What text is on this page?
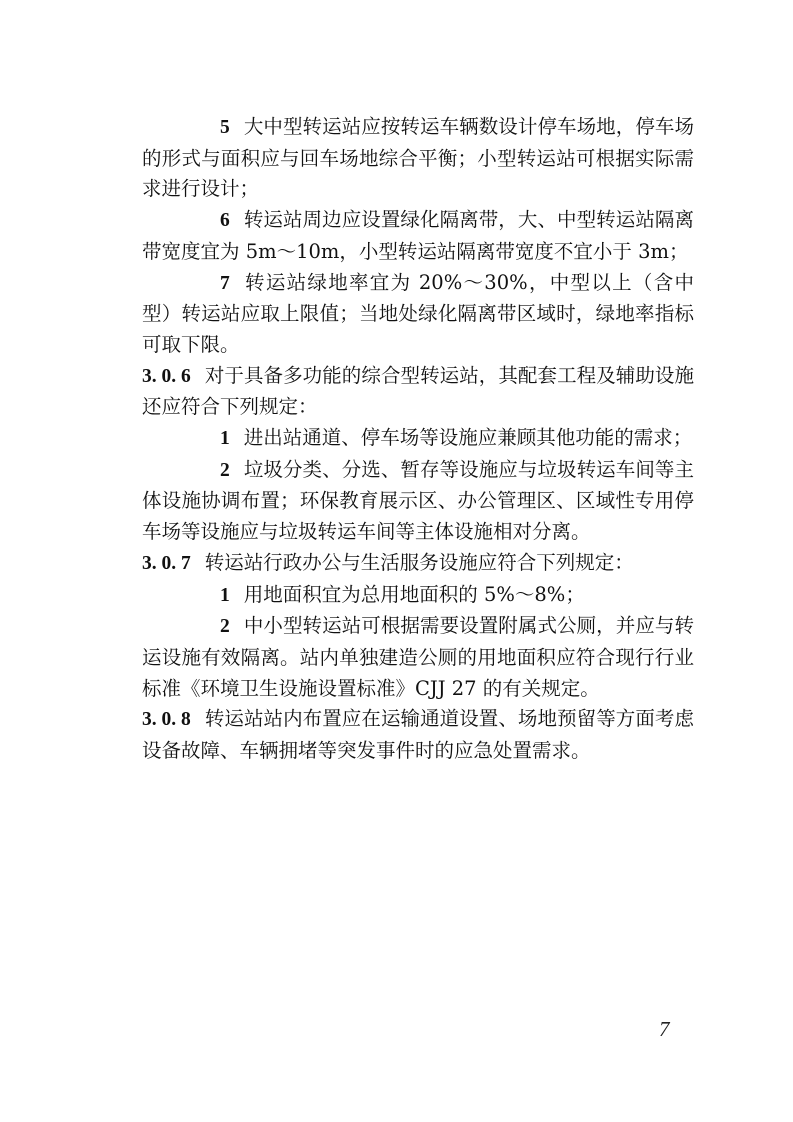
5 大中型转运站应按转运车辆数设计停车场地，停车场的形式与面积应与回车场地综合平衡；小型转运站可根据实际需求进行设计；

6 转运站周边应设置绿化隔离带，大、中型转运站隔离带宽度宜为 5m～10m，小型转运站隔离带宽度不宜小于 3m；

7 转运站绿地率宜为 20%～30%，中型以上（含中型）转运站应取上限值；当地处绿化隔离带区域时，绿地率指标可取下限。

3. 0. 6 对于具备多功能的综合型转运站，其配套工程及辅助设施还应符合下列规定：

1 进出站通道、停车场等设施应兼顾其他功能的需求；

2 垃圾分类、分选、暂存等设施应与垃圾转运车间等主体设施协调布置；环保教育展示区、办公管理区、区域性专用停车场等设施应与垃圾转运车间等主体设施相对分离。

3. 0. 7 转运站行政办公与生活服务设施应符合下列规定：

1 用地面积宜为总用地面积的 5%～8%；

2 中小型转运站可根据需要设置附属式公厕，并应与转运设施有效隔离。站内单独建造公厕的用地面积应符合现行行业标准《环境卫生设施设置标准》CJJ 27 的有关规定。

3. 0. 8 转运站站内布置应在运输通道设置、场地预留等方面考虑设备故障、车辆拥堵等突发事件时的应急处置需求。

7
